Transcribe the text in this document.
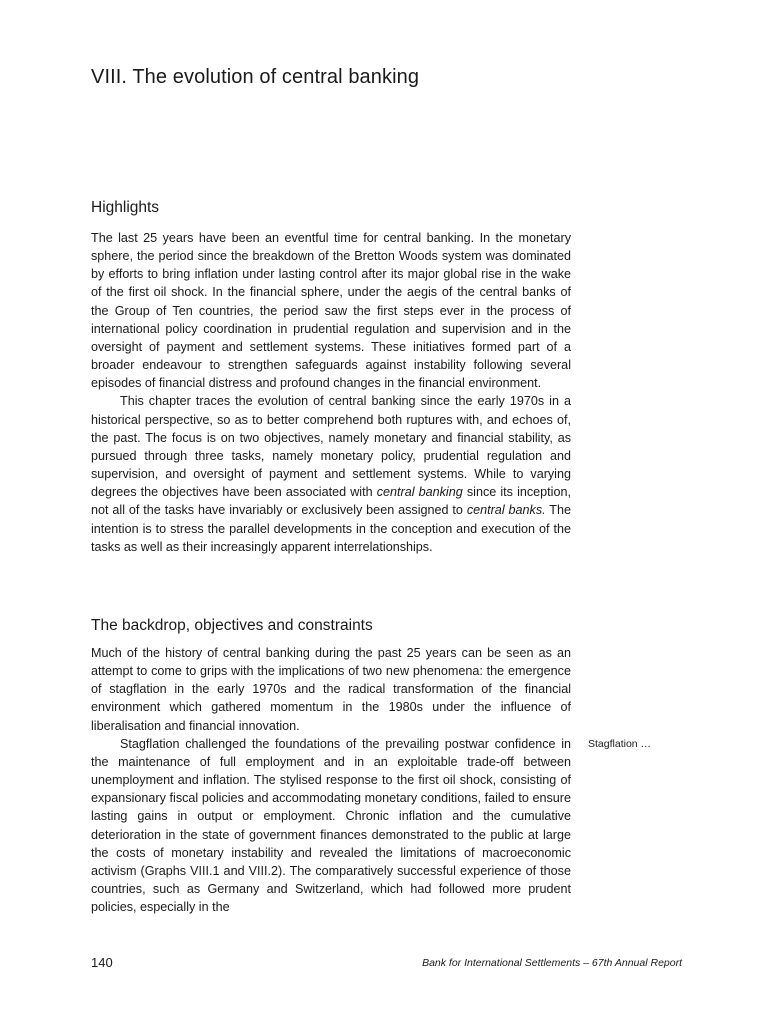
VIII. The evolution of central banking
Highlights

The last 25 years have been an eventful time for central banking. In the monetary sphere, the period since the breakdown of the Bretton Woods system was dominated by efforts to bring inflation under lasting control after its major global rise in the wake of the first oil shock. In the financial sphere, under the aegis of the central banks of the Group of Ten countries, the period saw the first steps ever in the process of international policy coordination in prudential regulation and supervision and in the oversight of payment and settlement systems. These initiatives formed part of a broader endeavour to strengthen safeguards against instability following several episodes of financial distress and profound changes in the financial environment.

This chapter traces the evolution of central banking since the early 1970s in a historical perspective, so as to better comprehend both ruptures with, and echoes of, the past. The focus is on two objectives, namely monetary and financial stability, as pursued through three tasks, namely monetary policy, prudential regulation and supervision, and oversight of payment and settlement systems. While to varying degrees the objectives have been associated with central banking since its inception, not all of the tasks have invariably or exclusively been assigned to central banks. The intention is to stress the parallel developments in the conception and execution of the tasks as well as their increasingly apparent interrelationships.

The backdrop, objectives and constraints

Much of the history of central banking during the past 25 years can be seen as an attempt to come to grips with the implications of two new phenomena: the emergence of stagflation in the early 1970s and the radical transformation of the financial environment which gathered momentum in the 1980s under the influence of liberalisation and financial innovation.

Stagflation challenged the foundations of the prevailing postwar confidence in the maintenance of full employment and in an exploitable trade-off between unemployment and inflation. The stylised response to the first oil shock, consisting of expansionary fiscal policies and accommodating monetary conditions, failed to ensure lasting gains in output or employment. Chronic inflation and the cumulative deterioration in the state of government finances demonstrated to the public at large the costs of monetary instability and revealed the limitations of macroeconomic activism (Graphs VIII.1 and VIII.2). The comparatively successful experience of those countries, such as Germany and Switzerland, which had followed more prudent policies, especially in the

Stagflation …
140	Bank for International Settlements – 67th Annual Report
